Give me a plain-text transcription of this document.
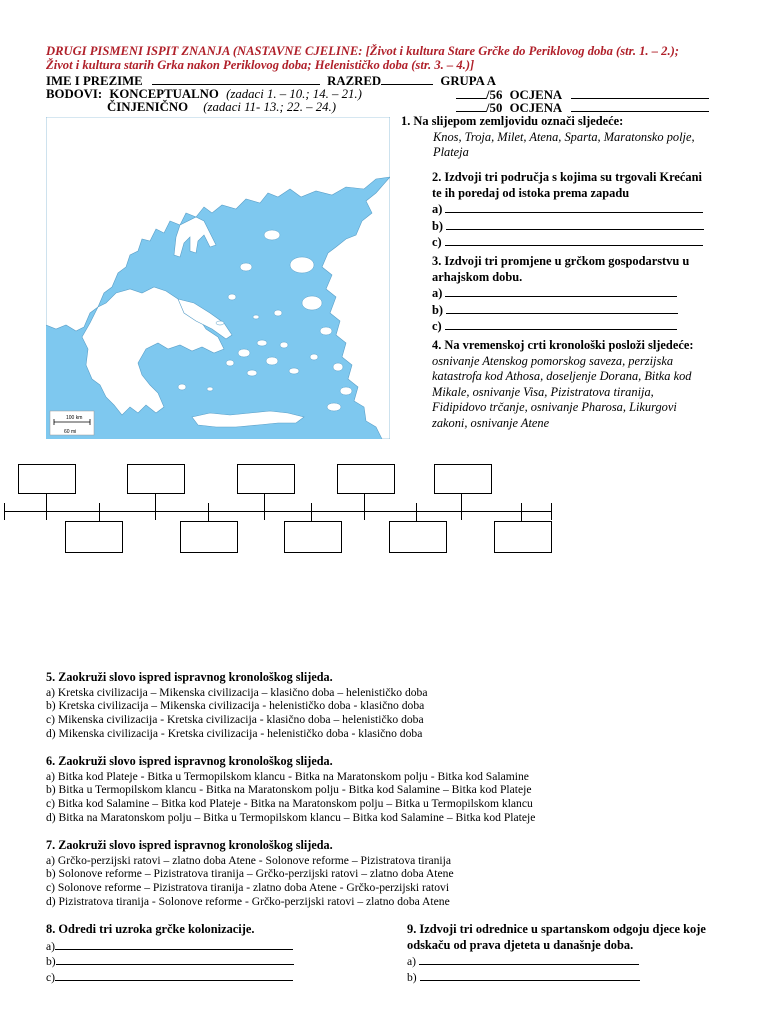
DRUGI PISMENI ISPIT ZNANJA (NASTAVNE CJELINE: [Život i kultura Stare Grčke do Periklovog doba (str. 1. – 2.);
Život i kultura starih Grka nakon Periklovog doba; Helenističko doba (str. 3. – 4.)]
IME I PREZIME	RAZRED	GRUPA A
BODOVI: KONCEPTUALNO (zadaci 1. – 10.; 14. – 21.)	/56 OCJENA
ČINJENIČNO (zadaci 11- 13.; 22. – 24.)	/50 OCJENA
100 km
60 mi
1. Na slijepom zemljovidu označi sljedeće:
Knos, Troja, Milet, Atena, Sparta, Maratonsko polje, Plateja
2. Izdvoji tri područja s kojima su trgovali Krećani
te ih poredaj od istoka prema zapadu
a)
b)
c)
3. Izdvoji tri promjene u grčkom gospodarstvu u
arhajskom dobu.
a)
b)
c)
4. Na vremenskoj crti kronološki posloži sljedeće:
osnivanje Atenskog pomorskog saveza, perzijska
katastrofa kod Athosa, doseljenje Dorana, Bitka kod
Mikale, osnivanje Visa, Pizistratova tiranija,
Fidipidovo trčanje, osnivanje Pharosa, Likurgovi
zakoni, osnivanje Atene
5. Zaokruži slovo ispred ispravnog kronološkog slijeda.
a) Kretska civilizacija – Mikenska civilizacija – klasično doba – helenističko doba
b) Kretska civilizacija – Mikenska civilizacija - helenističko doba - klasično doba
c) Mikenska civilizacija - Kretska civilizacija - klasično doba – helenističko doba
d) Mikenska civilizacija - Kretska civilizacija - helenističko doba - klasično doba
6. Zaokruži slovo ispred ispravnog kronološkog slijeda.
a) Bitka kod Plateje - Bitka u Termopilskom klancu - Bitka na Maratonskom polju - Bitka kod Salamine
b) Bitka u Termopilskom klancu - Bitka na Maratonskom polju - Bitka kod Salamine – Bitka kod Plateje
c) Bitka kod Salamine – Bitka kod Plateje - Bitka na Maratonskom polju – Bitka u Termopilskom klancu
d) Bitka na Maratonskom polju – Bitka u Termopilskom klancu – Bitka kod Salamine – Bitka kod Plateje
7. Zaokruži slovo ispred ispravnog kronološkog slijeda.
a) Grčko-perzijski ratovi – zlatno doba Atene - Solonove reforme – Pizistratova tiranija
b) Solonove reforme – Pizistratova tiranija – Grčko-perzijski ratovi – zlatno doba Atene
c) Solonove reforme – Pizistratova tiranija - zlatno doba Atene - Grčko-perzijski ratovi
d) Pizistratova tiranija - Solonove reforme - Grčko-perzijski ratovi – zlatno doba Atene
8. Odredi tri uzroka grčke kolonizacije.
a)
b)
c)
9. Izdvoji tri odrednice u spartanskom odgoju djece koje
odskaču od prava djeteta u današnje doba.
a)
b)
